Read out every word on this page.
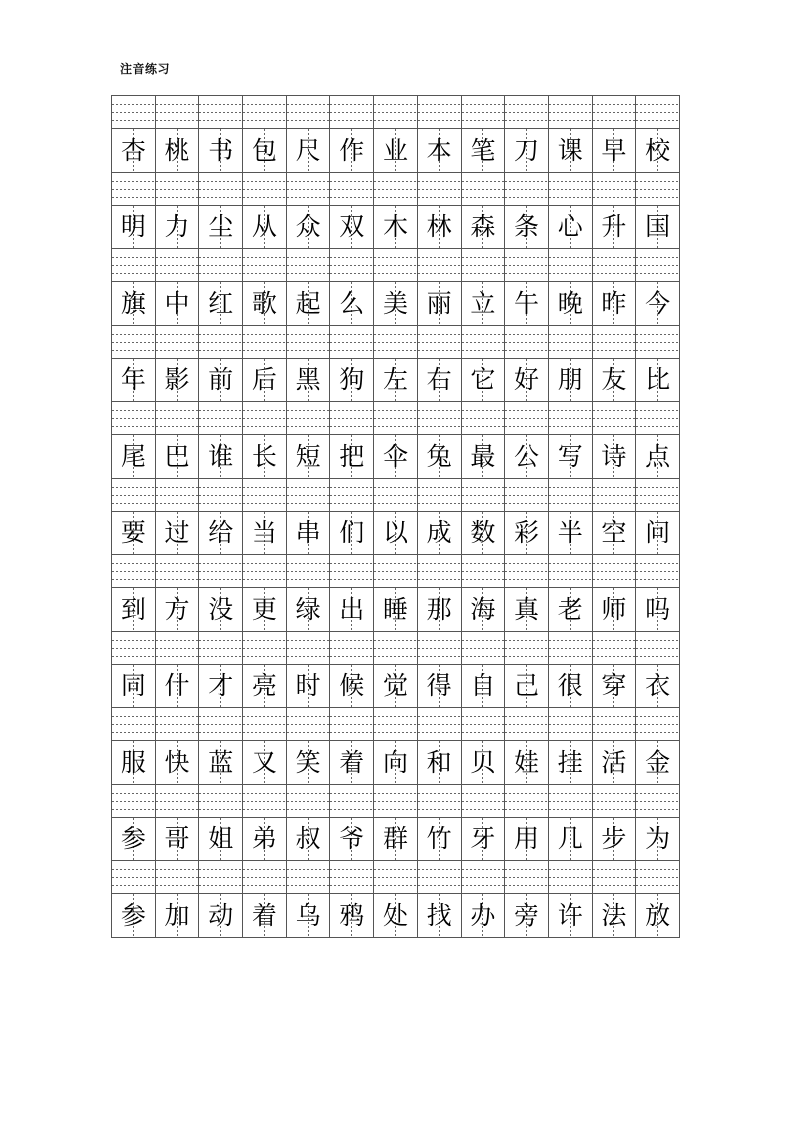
注音练习
杏 桃 书 包 尺 作 业 本 笔 刀 课 早 校
明 力 尘 从 众 双 木 林 森 条 心 升 国
旗 中 红 歌 起 么 美 丽 立 午 晚 昨 今
年 影 前 后 黑 狗 左 右 它 好 朋 友 比
尾 巴 谁 长 短 把 伞 兔 最 公 写 诗 点
要 过 给 当 串 们 以 成 数 彩 半 空 问
到 方 没 更 绿 出 睡 那 海 真 老 师 吗
同 什 才 亮 时 候 觉 得 自 己 很 穿 衣
服 快 蓝 又 笑 着 向 和 贝 娃 挂 活 金
参 哥 姐 弟 叔 爷 群 竹 牙 用 几 步 为
参 加 动 着 乌 鸦 处 找 办 旁 许 法 放
